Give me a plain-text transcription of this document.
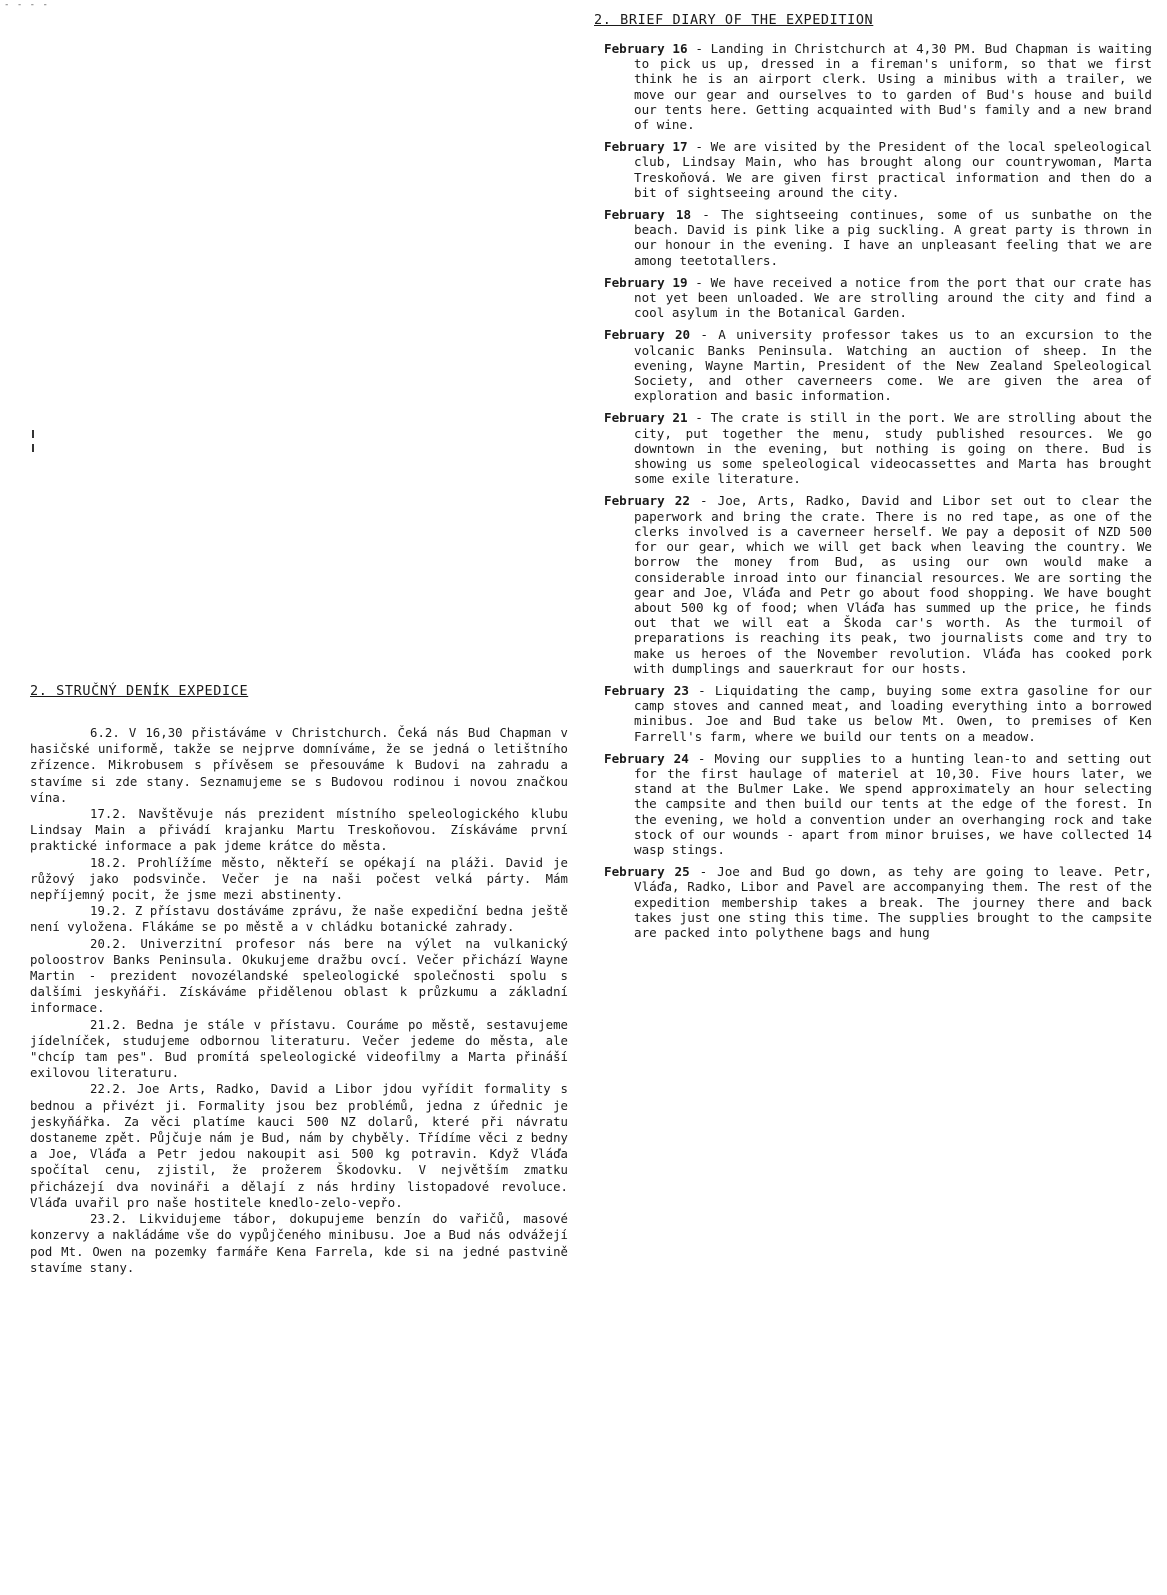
- - - -
2. STRUČNÝ DENÍK EXPEDICE

6.2. V 16,30 přistáváme v Christchurch. Čeká nás Bud Chapman v hasičské uniformě, takže se nejprve domníváme, že se jedná o letištního zřízence. Mikrobusem s přívěsem se přesouváme k Budovi na zahradu a stavíme si zde stany. Seznamujeme se s Budovou rodinou i novou značkou vína.

17.2. Navštěvuje nás prezident místního speleologického klubu Lindsay Main a přivádí krajanku Martu Treskoňovou. Získáváme první praktické informace a pak jdeme krátce do města.

18.2. Prohlížíme město, někteří se opékají na pláži. David je růžový jako podsvinče. Večer je na naši počest velká párty. Mám nepříjemný pocit, že jsme mezi abstinenty.

19.2. Z přístavu dostáváme zprávu, že naše expediční bedna ještě není vyložena. Flákáme se po městě a v chládku botanické zahrady.

20.2. Univerzitní profesor nás bere na výlet na vulkanický poloostrov Banks Peninsula. Okukujeme dražbu ovcí. Večer přichází Wayne Martin - prezident novozélandské speleologické společnosti spolu s dalšími jeskyňáři. Získáváme přidělenou oblast k průzkumu a základní informace.

21.2. Bedna je stále v přístavu. Couráme po městě, sestavujeme jídelníček, studujeme odbornou literaturu. Večer jedeme do města, ale "chcíp tam pes". Bud promítá speleologické videofilmy a Marta přináší exilovou literaturu.

22.2. Joe Arts, Radko, David a Libor jdou vyřídit formality s bednou a přivézt ji. Formality jsou bez problémů, jedna z úřednic je jeskyňářka. Za věci platíme kauci 500 NZ dolarů, které při návratu dostaneme zpět. Půjčuje nám je Bud, nám by chyběly. Třídíme věci z bedny a Joe, Vláďa a Petr jedou nakoupit asi 500 kg potravin. Když Vláďa spočítal cenu, zjistil, že prožerem Škodovku. V největším zmatku přicházejí dva novináři a dělají z nás hrdiny listopadové revoluce. Vláďa uvařil pro naše hostitele knedlo-zelo-vepřo.

23.2. Likvidujeme tábor, dokupujeme benzín do vařičů, masové konzervy a nakládáme vše do vypůjčeného minibusu. Joe a Bud nás odvážejí pod Mt. Owen na pozemky farmáře Kena Farrela, kde si na jedné pastvině stavíme stany.

2. BRIEF DIARY OF THE EXPEDITION

February 16 - Landing in Christchurch at 4,30 PM. Bud Chapman is waiting to pick us up, dressed in a fireman's uniform, so that we first think he is an airport clerk. Using a minibus with a trailer, we move our gear and ourselves to to garden of Bud's house and build our tents here. Getting acquainted with Bud's family and a new brand of wine.

February 17 - We are visited by the President of the local speleological club, Lindsay Main, who has brought along our countrywoman, Marta Treskoňová. We are given first practical information and then do a bit of sightseeing around the city.

February 18 - The sightseeing continues, some of us sunbathe on the beach. David is pink like a pig suckling. A great party is thrown in our honour in the evening. I have an unpleasant feeling that we are among teetotallers.

February 19 - We have received a notice from the port that our crate has not yet been unloaded. We are strolling around the city and find a cool asylum in the Botanical Garden.

February 20 - A university professor takes us to an excursion to the volcanic Banks Peninsula. Watching an auction of sheep. In the evening, Wayne Martin, President of the New Zealand Speleological Society, and other caverneers come. We are given the area of exploration and basic information.

February 21 - The crate is still in the port. We are strolling about the city, put together the menu, study published resources. We go downtown in the evening, but nothing is going on there. Bud is showing us some speleological videocassettes and Marta has brought some exile literature.

February 22 - Joe, Arts, Radko, David and Libor set out to clear the paperwork and bring the crate. There is no red tape, as one of the clerks involved is a caverneer herself. We pay a deposit of NZD 500 for our gear, which we will get back when leaving the country. We borrow the money from Bud, as using our own would make a considerable inroad into our financial resources. We are sorting the gear and Joe, Vláďa and Petr go about food shopping. We have bought about 500 kg of food; when Vláďa has summed up the price, he finds out that we will eat a Škoda car's worth. As the turmoil of preparations is reaching its peak, two journalists come and try to make us heroes of the November revolution. Vláďa has cooked pork with dumplings and sauerkraut for our hosts.

February 23 - Liquidating the camp, buying some extra gasoline for our camp stoves and canned meat, and loading everything into a borrowed minibus. Joe and Bud take us below Mt. Owen, to premises of Ken Farrell's farm, where we build our tents on a meadow.

February 24 - Moving our supplies to a hunting lean-to and setting out for the first haulage of materiel at 10,30. Five hours later, we stand at the Bulmer Lake. We spend approximately an hour selecting the campsite and then build our tents at the edge of the forest. In the evening, we hold a convention under an overhanging rock and take stock of our wounds - apart from minor bruises, we have collected 14 wasp stings.

February 25 - Joe and Bud go down, as tehy are going to leave. Petr, Vláďa, Radko, Libor and Pavel are accompanying them. The rest of the expedition membership takes a break. The journey there and back takes just one sting this time. The supplies brought to the campsite are packed into polythene bags and hung
